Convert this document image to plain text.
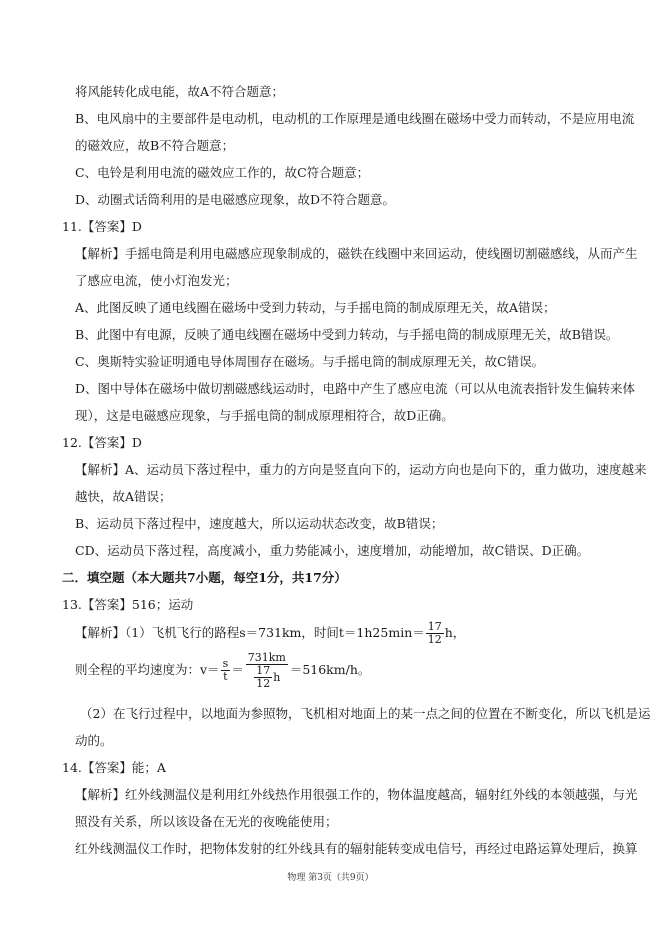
将风能转化成电能，故A不符合题意；
B、电风扇中的主要部件是电动机，电动机的工作原理是通电线圈在磁场中受力而转动，不是应用电流
的磁效应，故B不符合题意；
C、电铃是利用电流的磁效应工作的，故C符合题意；
D、动圈式话筒利用的是电磁感应现象，故D不符合题意。
11.【答案】D
【解析】手摇电筒是利用电磁感应现象制成的，磁铁在线圈中来回运动，使线圈切割磁感线，从而产生
了感应电流，使小灯泡发光；
A、此图反映了通电线圈在磁场中受到力转动，与手摇电筒的制成原理无关，故A错误；
B、此图中有电源，反映了通电线圈在磁场中受到力转动，与手摇电筒的制成原理无关，故B错误。
C、奥斯特实验证明通电导体周围存在磁场。与手摇电筒的制成原理无关，故C错误。
D、图中导体在磁场中做切割磁感线运动时，电路中产生了感应电流（可以从电流表指针发生偏转来体
现），这是电磁感应现象，与手摇电筒的制成原理相符合，故D正确。
12.【答案】D
【解析】A、运动员下落过程中，重力的方向是竖直向下的，运动方向也是向下的，重力做功，速度越来
越快，故A错误；
B、运动员下落过程中，速度越大，所以运动状态改变，故B错误；
CD、运动员下落过程，高度减小，重力势能减小，速度增加，动能增加，故C错误、D正确。
二．填空题（本大题共7小题，每空1分，共17分）
13.【答案】516；运动
【解析】（1）飞机飞行的路程s＝731km，时间$t=1h25\min= \frac{17}{12}$ h，
则全程的平均速度为：$v= \frac{s}{t} = \frac{731km}{\frac{17}{12} h} =516km/h$。
（2）在飞行过程中，以地面为参照物，飞机相对地面上的某一点之间的位置在不断变化，所以飞机是运
动的。
14.【答案】能；A
【解析】红外线测温仪是利用红外线热作用很强工作的，物体温度越高，辐射红外线的本领越强，与光
照没有关系，所以该设备在无光的夜晚能使用；
红外线测温仪工作时，把物体发射的红外线具有的辐射能转变成电信号，再经过电路运算处理后，换算
物理 第3页（共9页）
